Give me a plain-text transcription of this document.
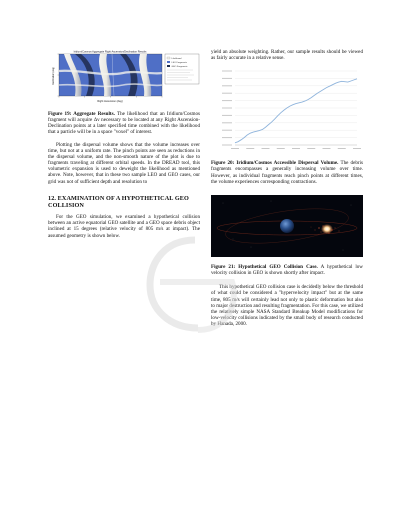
Iridium/Cosmos Aggregate Right Ascension/Declination Results
Right Ascension (deg)
Declination (deg)
Likelihood
LEO Fragments
GEO Fragments

Figure 19: Aggregate Results. The likelihood that an Iridium/Cosmos fragment will acquire Δv necessary to be located at any Right Ascension-Declination points at a later specified time combined with the likelihood that a particle will be in a space "voxel" of interest.

Plotting the dispersal volume shows that the volume increases over time, but not at a uniform rate. The pinch points are seen as reductions in the dispersal volume, and the non-smooth nature of the plot is due to fragments traveling at different orbital speeds. In the DREAD tool, this volumetric expansion is used to deweight the likelihood as mentioned above. Note, however, that in these two sample LEO and GEO cases, our grid was not of sufficient depth and resolution to

12. EXAMINATION OF A HYPOTHETICAL GEO COLLISION

For the GEO simulation, we examined a hypothetical collision between an active equatorial GEO satellite and a GEO space debris object inclined at 15 degrees (relative velocity of 805 m/s at impact). The assumed geometry is shown below.

yield an absolute weighting. Rather, our sample results should be viewed as fairly accurate in a relative sense.

Figure 20: Iridium/Cosmos Accessible Dispersal Volume. The debris fragments encompasses a generally increasing volume over time. However, as individual fragments reach pinch points at different times, the volume experiences corresponding contractions.

Figure 21: Hypothetical GEO Collision Case. A hypothetical low velocity collision in GEO is shown shortly after impact.

This hypothetical GEO collision case is decidedly below the threshold of what could be considered a "hypervelocity impact" but at the same time, 805 m/s will certainly lead not only to plastic deformation but also to major destruction and resulting fragmentation. For this case, we utilized the relatively simple NASA Standard Breakup Model modifications for low-velocity collisions indicated by the small body of research conducted by Hanada, 2000.
